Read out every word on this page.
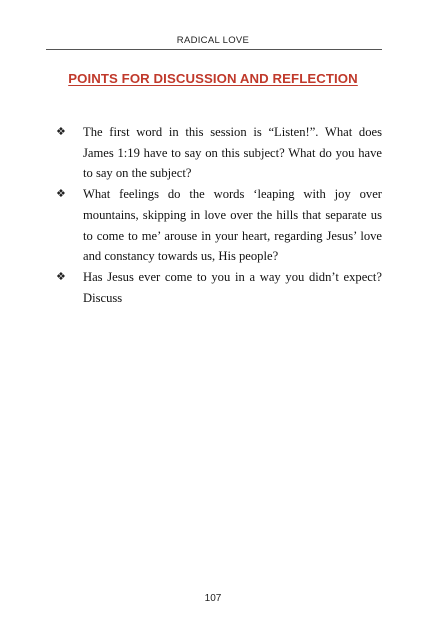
RADICAL LOVE
POINTS FOR DISCUSSION AND REFLECTION
❖	The first word in this session is “Listen!”. What does James 1:19 have to say on this subject? What do you have to say on the subject?
❖	What feelings do the words ‘leaping with joy over mountains, skipping in love over the hills that separate us to come to me’ arouse in your heart, regarding Jesus’ love and constancy towards us, His people?
❖	Has Jesus ever come to you in a way you didn’t expect? Discuss
107
